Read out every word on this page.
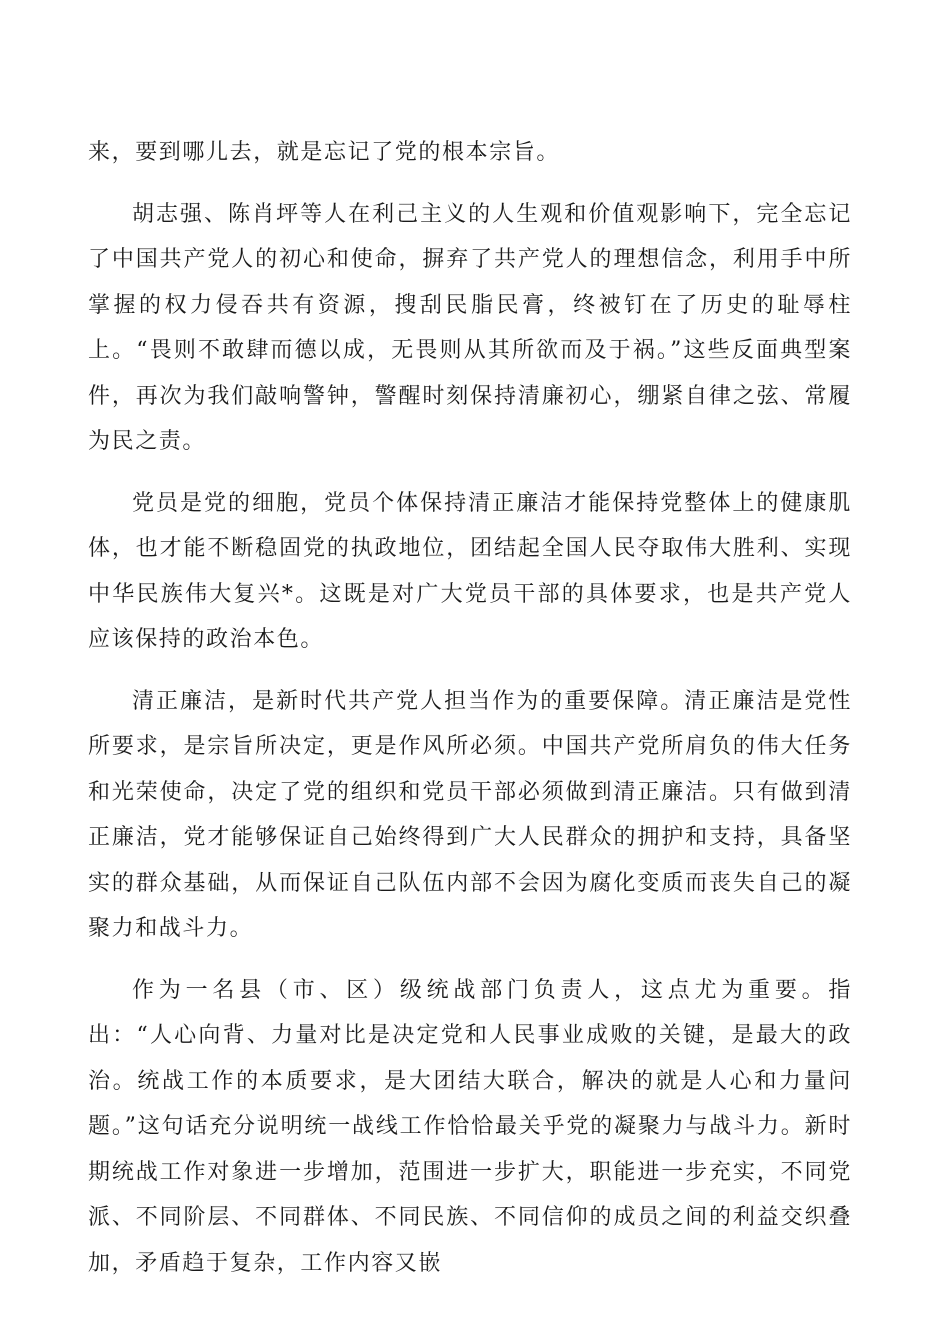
来，要到哪儿去，就是忘记了党的根本宗旨。

胡志强、陈肖坪等人在利己主义的人生观和价值观影响下，完全忘记了中国共产党人的初心和使命，摒弃了共产党人的理想信念，利用手中所掌握的权力侵吞共有资源，搜刮民脂民膏，终被钉在了历史的耻辱柱上。“畏则不敢肆而德以成，无畏则从其所欲而及于祸。”这些反面典型案件，再次为我们敲响警钟，警醒时刻保持清廉初心，绷紧自律之弦、常履为民之责。

党员是党的细胞，党员个体保持清正廉洁才能保持党整体上的健康肌体，也才能不断稳固党的执政地位，团结起全国人民夺取伟大胜利、实现中华民族伟大复兴*。这既是对广大党员干部的具体要求，也是共产党人应该保持的政治本色。

清正廉洁，是新时代共产党人担当作为的重要保障。清正廉洁是党性所要求，是宗旨所决定，更是作风所必须。中国共产党所肩负的伟大任务和光荣使命，决定了党的组织和党员干部必须做到清正廉洁。只有做到清正廉洁，党才能够保证自己始终得到广大人民群众的拥护和支持，具备坚实的群众基础，从而保证自己队伍内部不会因为腐化变质而丧失自己的凝聚力和战斗力。

作为一名县（市、区）级统战部门负责人，这点尤为重要。指出：“人心向背、力量对比是决定党和人民事业成败的关键，是最大的政治。统战工作的本质要求，是大团结大联合，解决的就是人心和力量问题。”这句话充分说明统一战线工作恰恰最关乎党的凝聚力与战斗力。新时期统战工作对象进一步增加，范围进一步扩大，职能进一步充实，不同党派、不同阶层、不同群体、不同民族、不同信仰的成员之间的利益交织叠加，矛盾趋于复杂，工作内容又嵌
